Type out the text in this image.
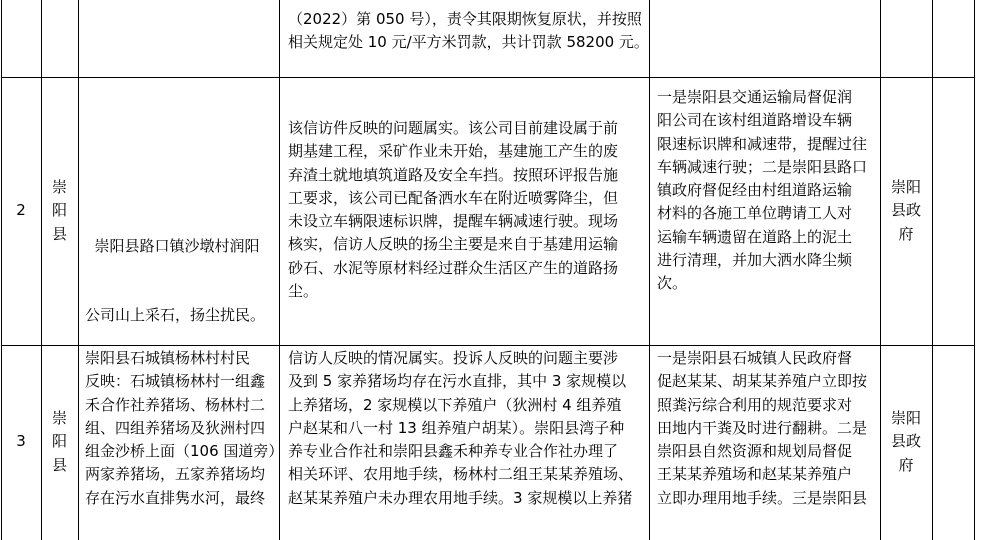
（2022）第 050 号），责令其限期恢复原状，并按照
相关规定处 10 元/平方米罚款，共计罚款 58200 元。
2
崇
阳
县

崇阳县路口镇沙墩村润阳

公司山上采石，扬尘扰民。

该信访件反映的问题属实。该公司目前建设属于前
期基建工程，采矿作业未开始，基建施工产生的废
弃渣土就地填筑道路及安全车挡。按照环评报告施
工要求，该公司已配备洒水车在附近喷雾降尘，但
未设立车辆限速标识牌，提醒车辆减速行驶。现场
核实，信访人反映的扬尘主要是来自于基建用运输
砂石、水泥等原材料经过群众生活区产生的道路扬
尘。
一是崇阳县交通运输局督促润
阳公司在该村组道路增设车辆
限速标识牌和减速带，提醒过往
车辆减速行驶；二是崇阳县路口
镇政府督促经由村组道路运输
材料的各施工单位聘请工人对
运输车辆遗留在道路上的泥土
进行清理，并加大洒水降尘频
次。
崇阳
县政
府
3
崇
阳
县
崇阳县石城镇杨林村村民
反映：石城镇杨林村一组鑫
禾合作社养猪场、杨林村二
组、四组养猪场及狄洲村四
组金沙桥上面（106 国道旁）
两家养猪场，五家养猪场均
存在污水直排隽水河，最终
信访人反映的情况属实。投诉人反映的问题主要涉
及到 5 家养猪场均存在污水直排，其中 3 家规模以
上养猪场，2 家规模以下养殖户（狄洲村 4 组养殖
户赵某和八一村 13 组养殖户胡某）。崇阳县湾子种
养专业合作社和崇阳县鑫禾种养专业合作社办理了
相关环评、农用地手续，杨林村二组王某某养殖场、
赵某某养殖户未办理农用地手续。3 家规模以上养猪
一是崇阳县石城镇人民政府督
促赵某某、胡某某养殖户立即按
照粪污综合利用的规范要求对
田地内干粪及时进行翻耕。二是
崇阳县自然资源和规划局督促
王某某养殖场和赵某某养殖户
立即办理用地手续。三是崇阳县
崇阳
县政
府
